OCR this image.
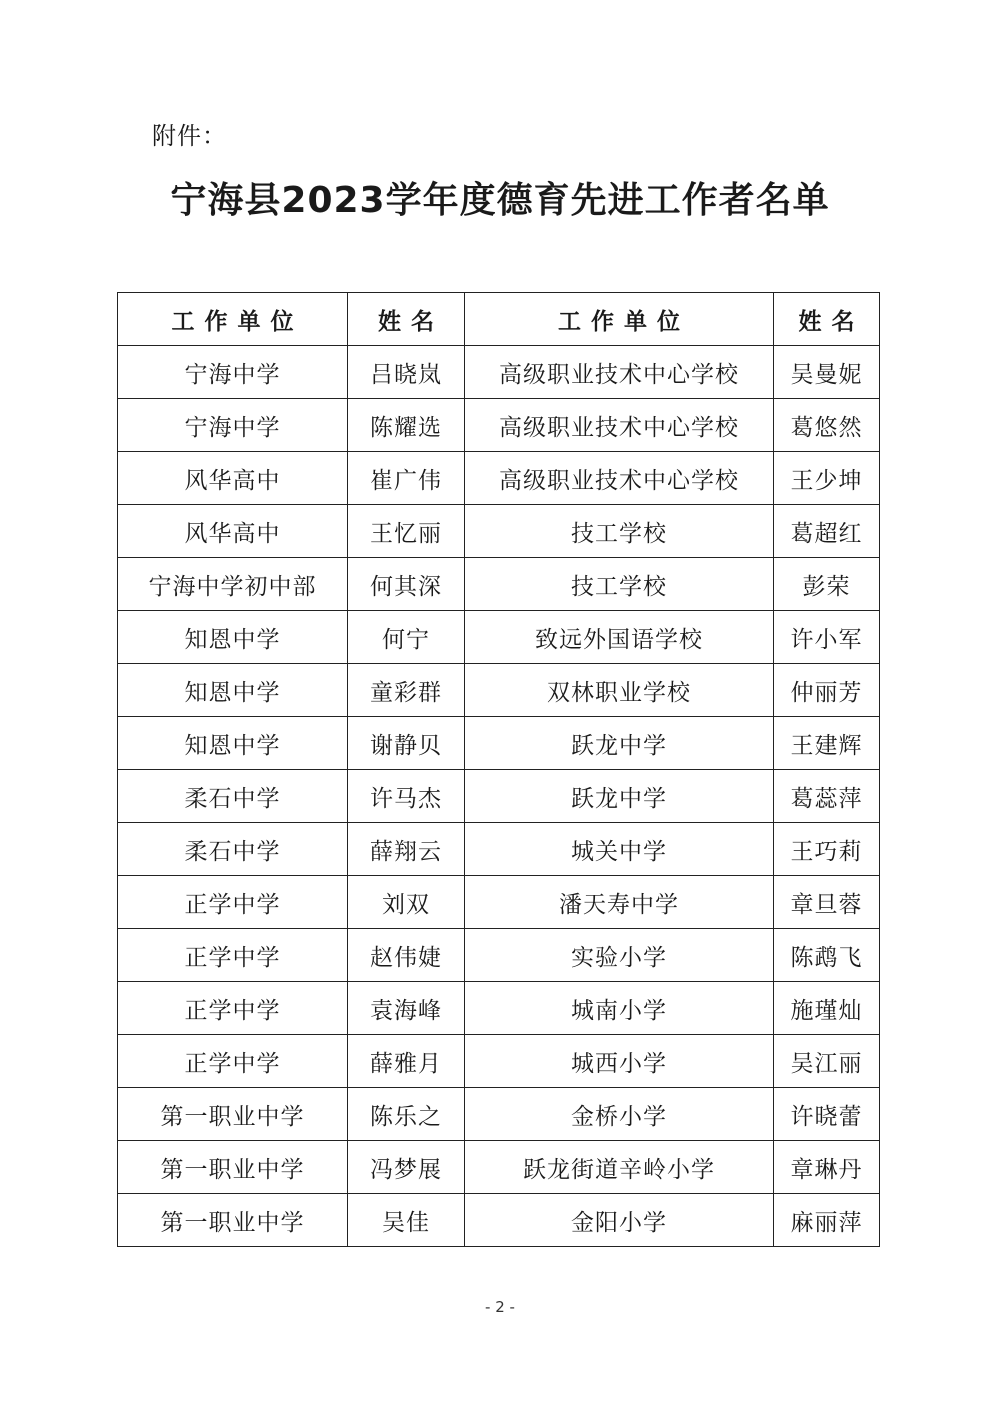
附件：
宁海县2023学年度德育先进工作者名单
工作单位	姓名	工作单位	姓名
宁海中学	吕晓岚	高级职业技术中心学校	吴曼妮
宁海中学	陈耀选	高级职业技术中心学校	葛悠然
风华高中	崔广伟	高级职业技术中心学校	王少坤
风华高中	王忆丽	技工学校	葛超红
宁海中学初中部	何其深	技工学校	彭荣
知恩中学	何宁	致远外国语学校	许小军
知恩中学	童彩群	双林职业学校	仲丽芳
知恩中学	谢静贝	跃龙中学	王建辉
柔石中学	许马杰	跃龙中学	葛蕊萍
柔石中学	薛翔云	城关中学	王巧莉
正学中学	刘双	潘天寿中学	章旦蓉
正学中学	赵伟婕	实验小学	陈鹉飞
正学中学	袁海峰	城南小学	施瑾灿
正学中学	薛雅月	城西小学	吴江丽
第一职业中学	陈乐之	金桥小学	许晓蕾
第一职业中学	冯梦展	跃龙街道辛岭小学	章琳丹
第一职业中学	吴佳	金阳小学	麻丽萍
- 2 -
